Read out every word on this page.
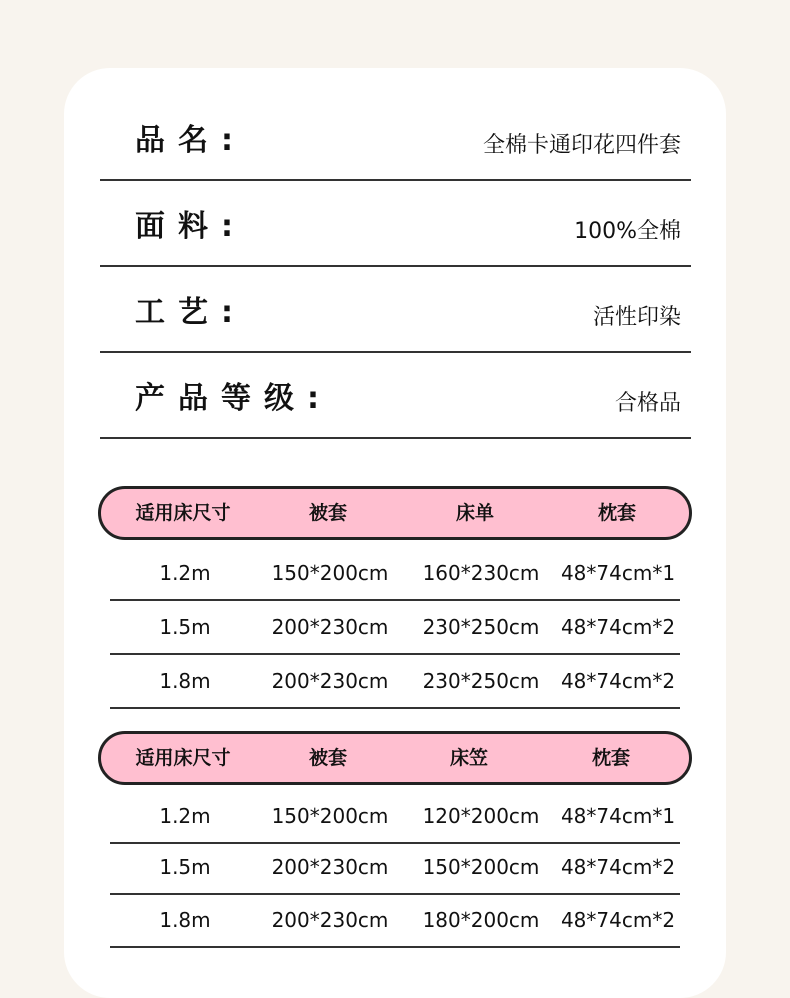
品名:	全棉卡通印花四件套
面料:	100%全棉
工艺:	活性印染
产品等级:	合格品
适用床尺寸	被套	床单	枕套
1.2m	150*200cm 160*230cm 48*74cm*1
1.5m	200*230cm 230*250cm 48*74cm*2
1.8m	200*230cm 230*250cm 48*74cm*2
适用床尺寸	被套	床笠	枕套
1.2m	150*200cm 120*200cm 48*74cm*1
1.5m	200*230cm 150*200cm 48*74cm*2
1.8m	200*230cm 180*200cm 48*74cm*2
